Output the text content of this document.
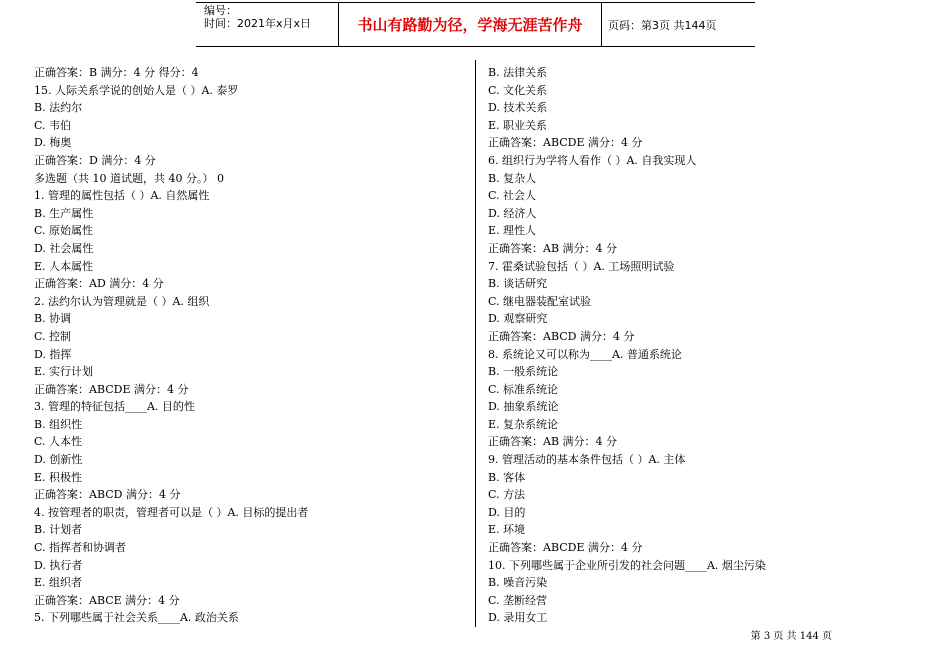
编号：
时间：2021年x月x日	书山有路勤为径，学海无涯苦作舟	页码：第3页 共144页
正确答案：B 满分：4 分 得分：4
15. 人际关系学说的创始人是（ ）A. 泰罗
B. 法约尔
C. 韦伯
D. 梅奥
正确答案：D 满分：4 分
多选题（共 10 道试题，共 40 分。） 0
1. 管理的属性包括（ ）A. 自然属性
B. 生产属性
C. 原始属性
D. 社会属性
E. 人本属性
正确答案：AD 满分：4 分
2. 法约尔认为管理就是（ ）A. 组织
B. 协调
C. 控制
D. 指挥
E. 实行计划
正确答案：ABCDE 满分：4 分
3. 管理的特征包括____A. 目的性
B. 组织性
C. 人本性
D. 创新性
E. 积极性
正确答案：ABCD 满分：4 分
4. 按管理者的职责，管理者可以是（ ）A. 目标的提出者
B. 计划者
C. 指挥者和协调者
D. 执行者
E. 组织者
正确答案：ABCE 满分：4 分
5. 下列哪些属于社会关系____A. 政治关系
B. 法律关系
C. 文化关系
D. 技术关系
E. 职业关系
正确答案：ABCDE 满分：4 分
6. 组织行为学将人看作（ ）A. 自我实现人
B. 复杂人
C. 社会人
D. 经济人
E. 理性人
正确答案：AB 满分：4 分
7. 霍桑试验包括（ ）A. 工场照明试验
B. 谈话研究
C. 继电器装配室试验
D. 观察研究
正确答案：ABCD 满分：4 分
8. 系统论又可以称为____A. 普通系统论
B. 一般系统论
C. 标准系统论
D. 抽象系统论
E. 复杂系统论
正确答案：AB 满分：4 分
9. 管理活动的基本条件包括（ ）A. 主体
B. 客体
C. 方法
D. 目的
E. 环境
正确答案：ABCDE 满分：4 分
10. 下列哪些属于企业所引发的社会问题____A. 烟尘污染
B. 噪音污染
C. 垄断经营
D. 录用女工
第 3 页 共 144 页
